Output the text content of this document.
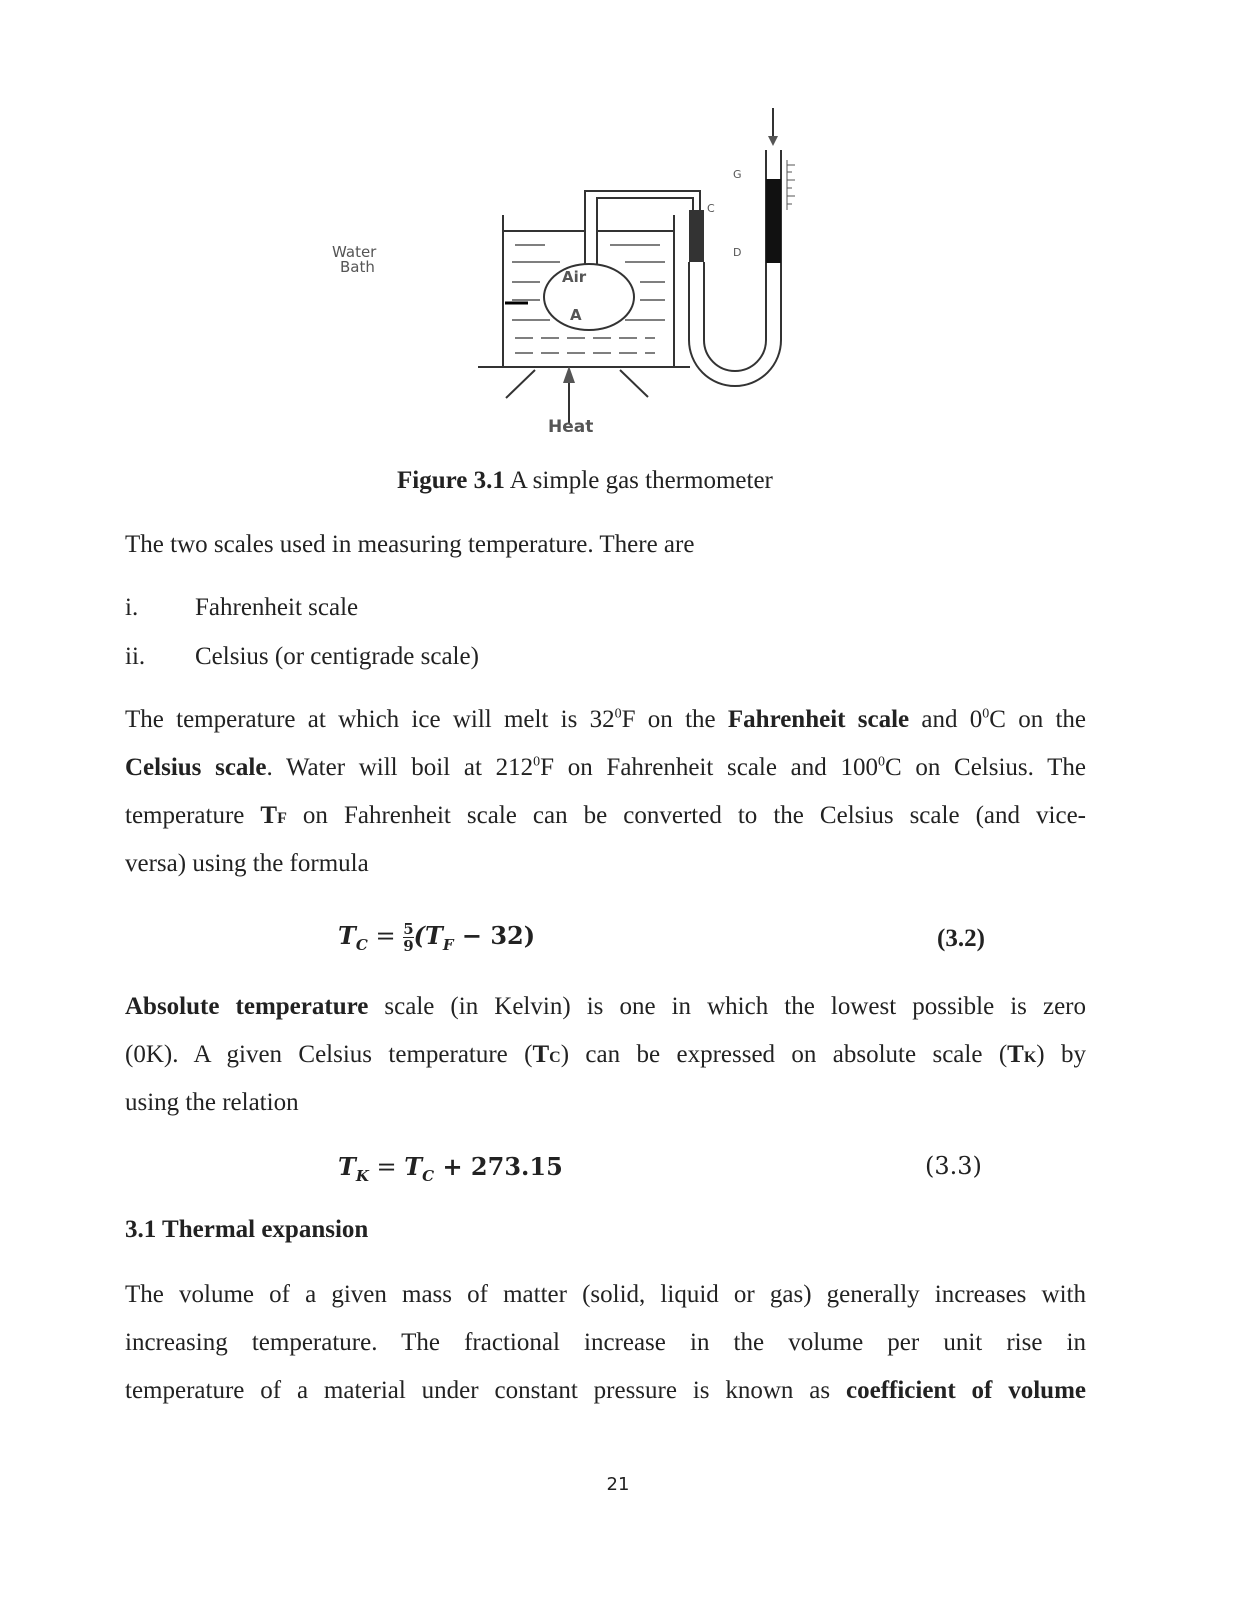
Water
Bath
Air
A
C
D
G
Heat
Figure 3.1 A simple gas thermometer
The two scales used in measuring temperature. There are
i. Fahrenheit scale
ii. Celsius (or centigrade scale)
The temperature at which ice will melt is $32^0F$ on the Fahrenheit scale and $0^0C$ on the
Celsius scale. Water will boil at $212^0F$ on Fahrenheit scale and $100^0C$ on Celsius. The
temperature TF on Fahrenheit scale can be converted to the Celsius scale (and vice-
versa) using the formula
$T_C = \frac{5}{9} (T_F - 32)$	(3.2)
Absolute temperature scale (in Kelvin) is one in which the lowest possible is zero
(0K). A given Celsius temperature (TC) can be expressed on absolute scale (TK) by
using the relation
$T_K = T_C + 273.15$	(3.3)
3.1 Thermal expansion
The volume of a given mass of matter (solid, liquid or gas) generally increases with
increasing temperature. The fractional increase in the volume per unit rise in
temperature of a material under constant pressure is known as coefficient of volume
21
